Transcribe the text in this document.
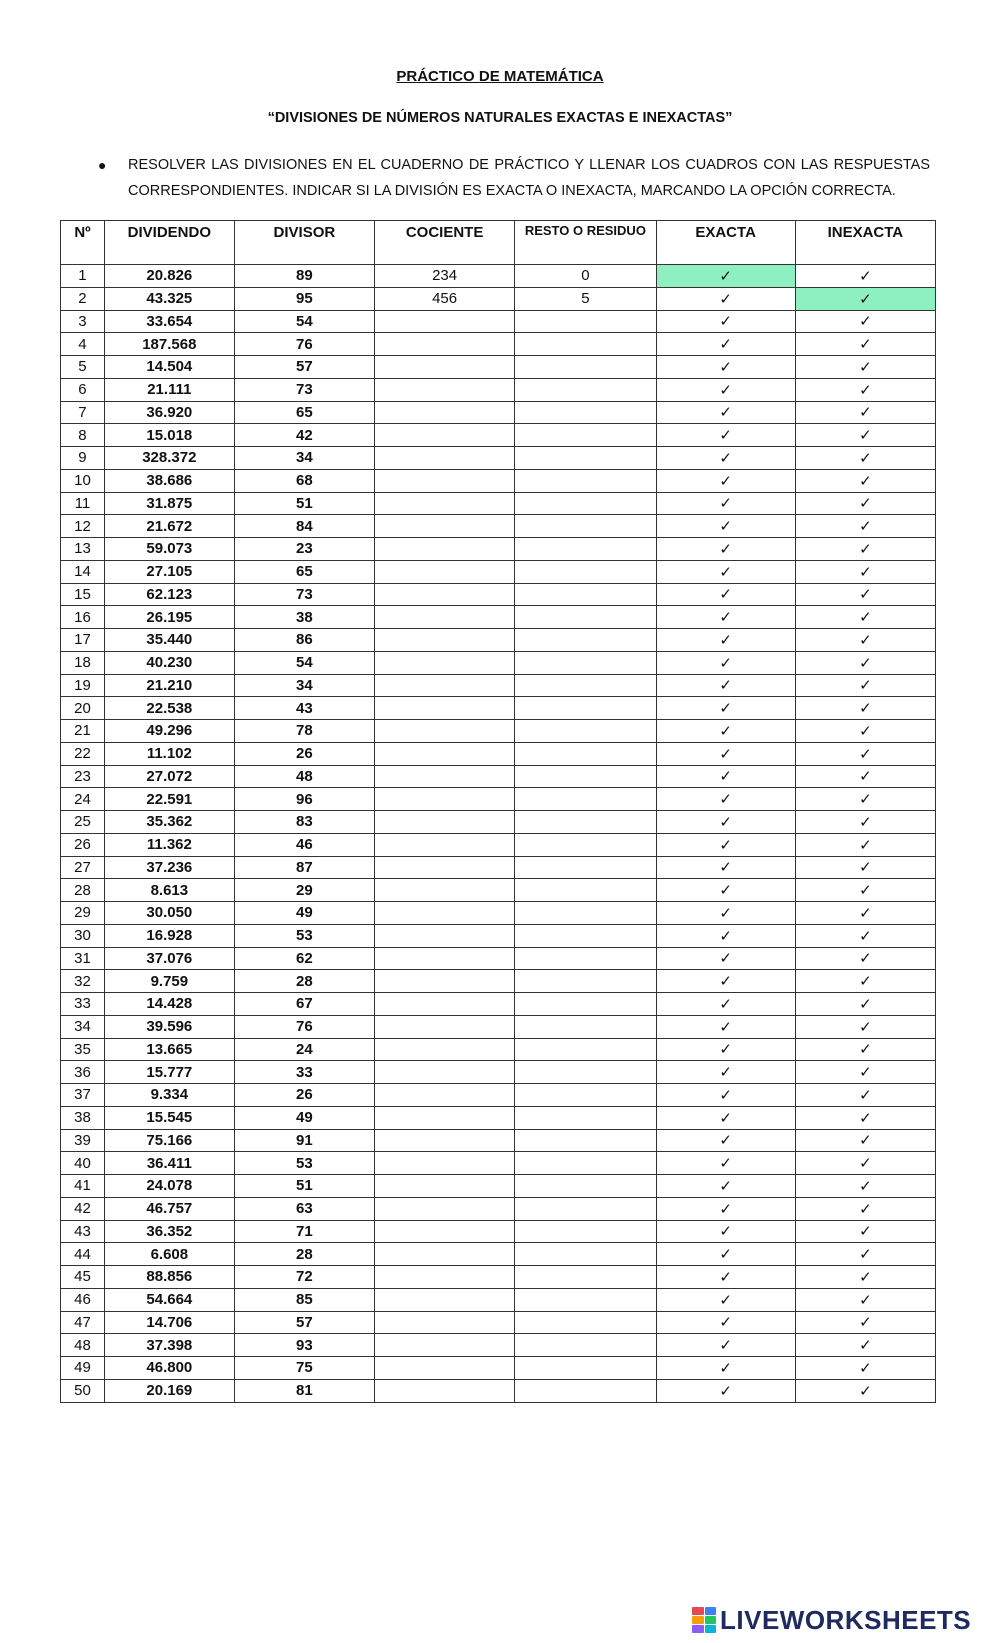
PRÁCTICO DE MATEMÁTICA
“DIVISIONES DE NÚMEROS NATURALES EXACTAS E INEXACTAS”
● RESOLVER LAS DIVISIONES EN EL CUADERNO DE PRÁCTICO Y LLENAR LOS CUADROS CON LAS RESPUESTAS CORRESPONDIENTES. INDICAR SI LA DIVISIÓN ES EXACTA O INEXACTA, MARCANDO LA OPCIÓN CORRECTA.
Nº	DIVIDENDO	DIVISOR	COCIENTE	RESTO O RESIDUO	EXACTA	INEXACTA
1	20.826	89	234	0	✓	✓
2	43.325	95	456	5	✓	✓
3	33.654	54			✓	✓
4	187.568	76			✓	✓
5	14.504	57			✓	✓
6	21.111	73			✓	✓
7	36.920	65			✓	✓
8	15.018	42			✓	✓
9	328.372	34			✓	✓
10	38.686	68			✓	✓
11	31.875	51			✓	✓
12	21.672	84			✓	✓
13	59.073	23			✓	✓
14	27.105	65			✓	✓
15	62.123	73			✓	✓
16	26.195	38			✓	✓
17	35.440	86			✓	✓
18	40.230	54			✓	✓
19	21.210	34			✓	✓
20	22.538	43			✓	✓
21	49.296	78			✓	✓
22	11.102	26			✓	✓
23	27.072	48			✓	✓
24	22.591	96			✓	✓
25	35.362	83			✓	✓
26	11.362	46			✓	✓
27	37.236	87			✓	✓
28	8.613	29			✓	✓
29	30.050	49			✓	✓
30	16.928	53			✓	✓
31	37.076	62			✓	✓
32	9.759	28			✓	✓
33	14.428	67			✓	✓
34	39.596	76			✓	✓
35	13.665	24			✓	✓
36	15.777	33			✓	✓
37	9.334	26			✓	✓
38	15.545	49			✓	✓
39	75.166	91			✓	✓
40	36.411	53			✓	✓
41	24.078	51			✓	✓
42	46.757	63			✓	✓
43	36.352	71			✓	✓
44	6.608	28			✓	✓
45	88.856	72			✓	✓
46	54.664	85			✓	✓
47	14.706	57			✓	✓
48	37.398	93			✓	✓
49	46.800	75			✓	✓
50	20.169	81			✓	✓
LIVEWORKSHEETS
